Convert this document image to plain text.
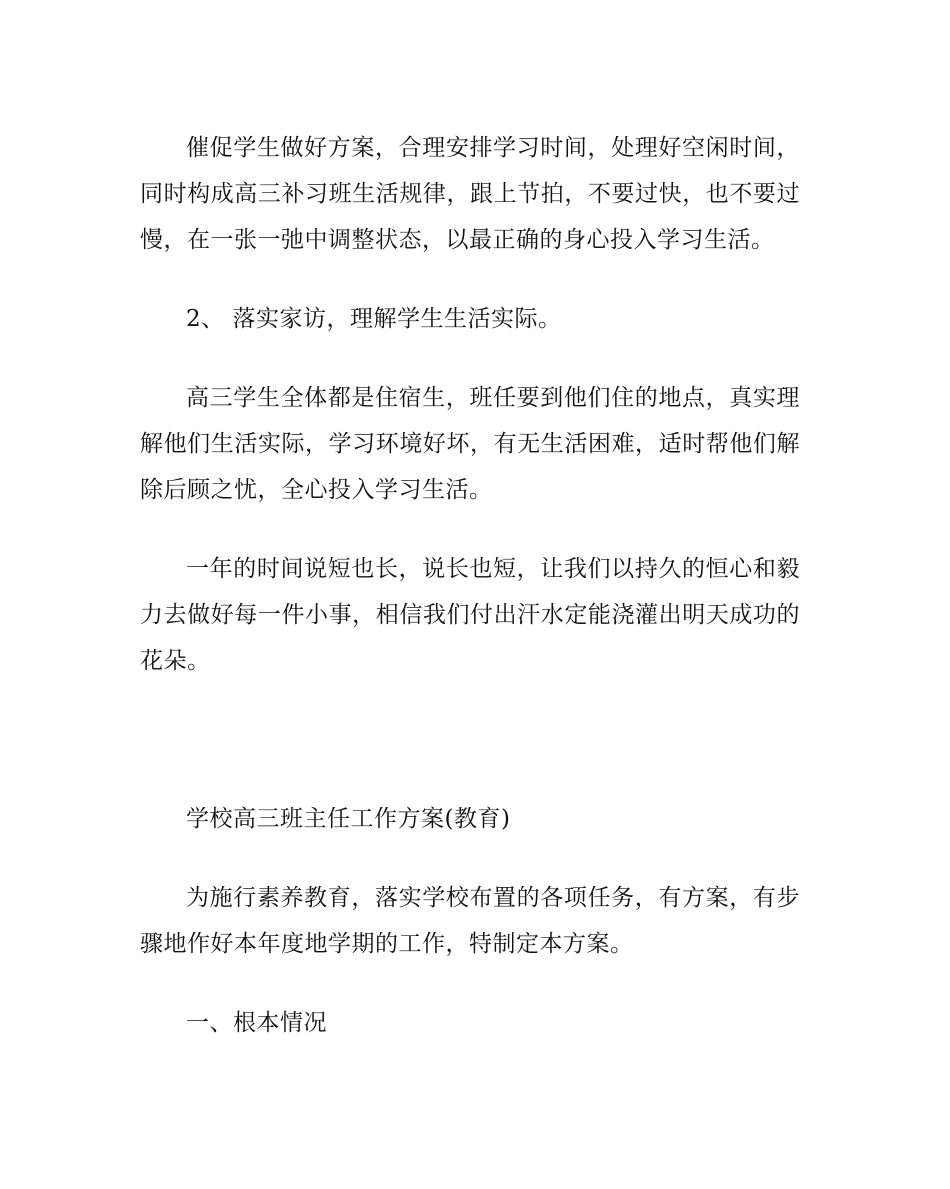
催促学生做好方案，合理安排学习时间，处理好空闲时间，同时构成高三补习班生活规律，跟上节拍，不要过快，也不要过慢，在一张一弛中调整状态，以最正确的身心投入学习生活。

2、 落实家访，理解学生生活实际。

高三学生全体都是住宿生，班任要到他们住的地点，真实理解他们生活实际，学习环境好坏，有无生活困难，适时帮他们解除后顾之忧，全心投入学习生活。

一年的时间说短也长，说长也短，让我们以持久的恒心和毅力去做好每一件小事，相信我们付出汗水定能浇灌出明天成功的花朵。

学校高三班主任工作方案(教育)

为施行素养教育，落实学校布置的各项任务，有方案，有步骤地作好本年度地学期的工作，特制定本方案。

一、根本情况
